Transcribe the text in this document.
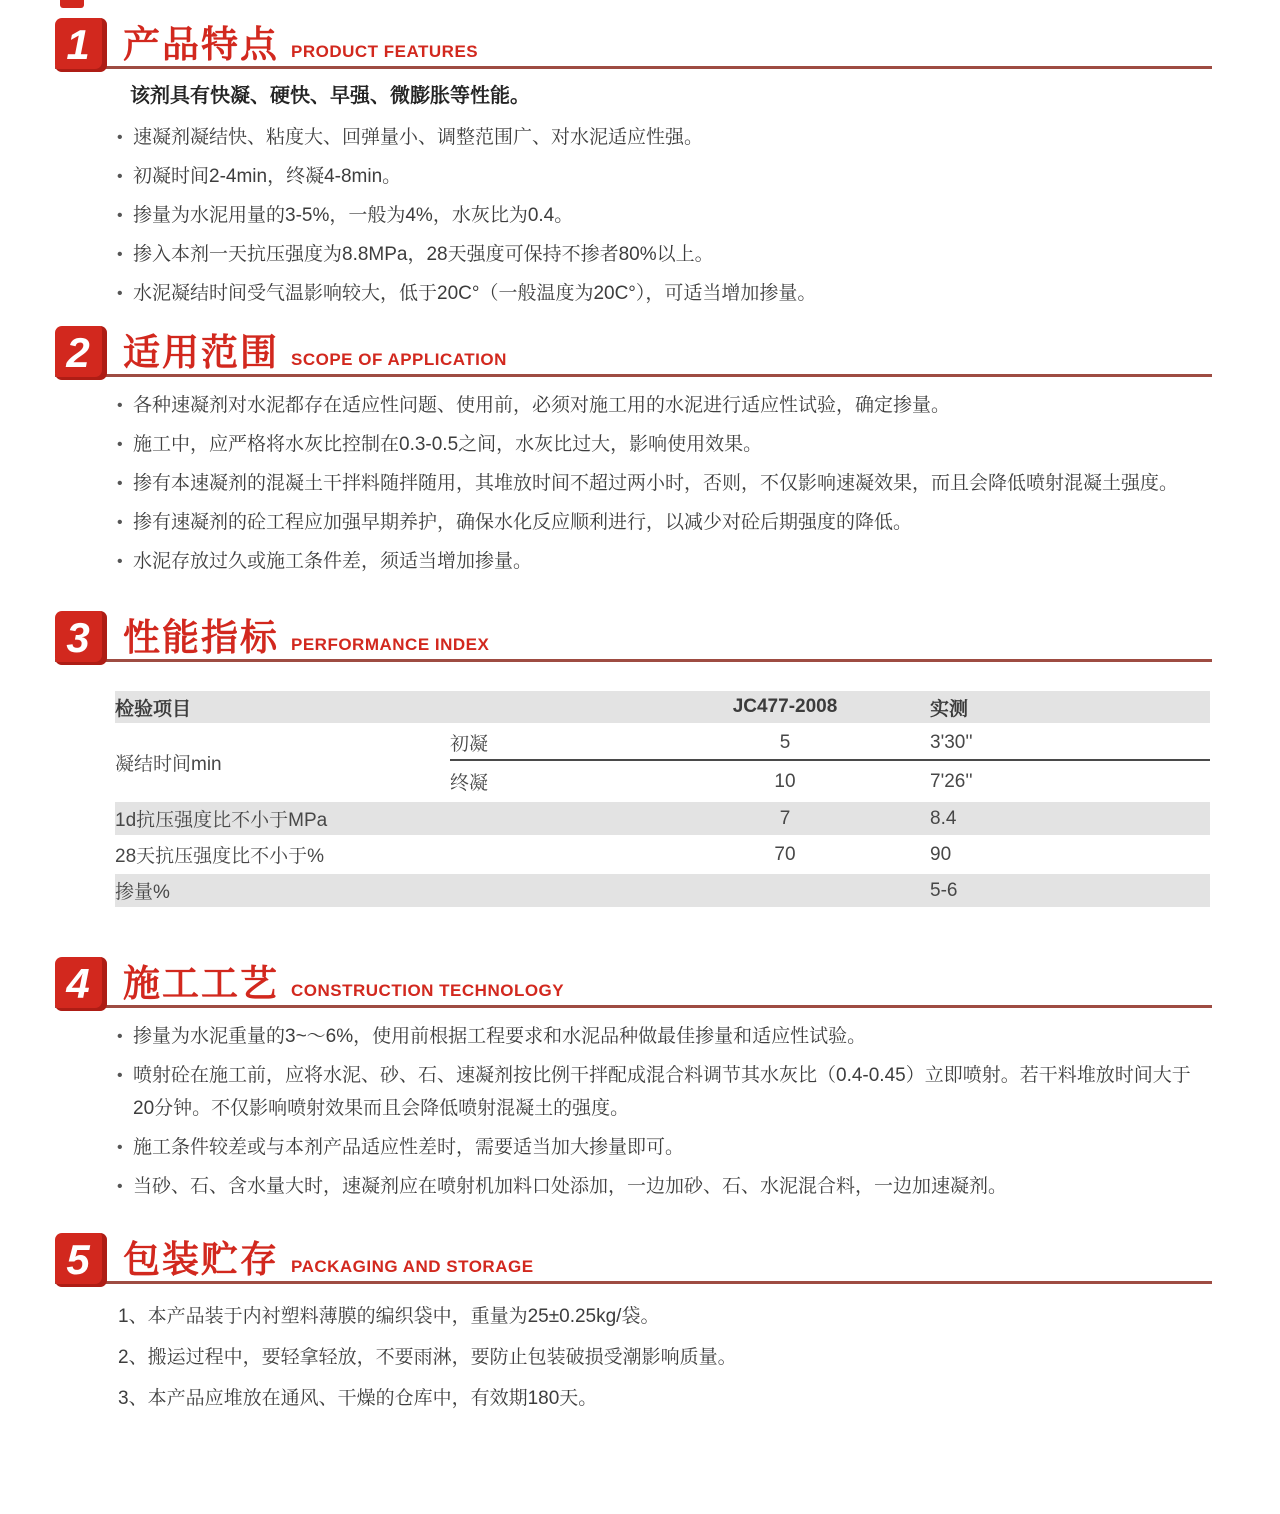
1 产品特点 PRODUCT FEATURES
该剂具有快凝、硬快、早强、微膨胀等性能。
• 速凝剂凝结快、粘度大、回弹量小、调整范围广、对水泥适应性强。
• 初凝时间2-4min，终凝4-8min。
• 掺量为水泥用量的3-5%，一般为4%，水灰比为0.4。
• 掺入本剂一天抗压强度为8.8MPa，28天强度可保持不掺者80%以上。
• 水泥凝结时间受气温影响较大，低于20C°（一般温度为20C°），可适当增加掺量。
2 适用范围 SCOPE OF APPLICATION
• 各种速凝剂对水泥都存在适应性问题、使用前，必须对施工用的水泥进行适应性试验，确定掺量。
• 施工中，应严格将水灰比控制在0.3-0.5之间，水灰比过大，影响使用效果。
• 掺有本速凝剂的混凝土干拌料随拌随用，其堆放时间不超过两小时，否则，不仅影响速凝效果，而且会降低喷射混凝土强度。
• 掺有速凝剂的砼工程应加强早期养护，确保水化反应顺利进行，以减少对砼后期强度的降低。
• 水泥存放过久或施工条件差，须适当增加掺量。
3 性能指标 PERFORMANCE INDEX
检验项目		JC477-2008	实测
凝结时间min	初凝	5	3'30''
	终凝	10	7'26''
1d抗压强度比不小于MPa		7	8.4
28天抗压强度比不小于%		70	90
掺量%			5-6
4 施工工艺 CONSTRUCTION TECHNOLOGY
• 掺量为水泥重量的3~～6%，使用前根据工程要求和水泥品种做最佳掺量和适应性试验。
• 喷射砼在施工前，应将水泥、砂、石、速凝剂按比例干拌配成混合料调节其水灰比（0.4-0.45）立即喷射。若干料堆放时间大于20分钟。不仅影响喷射效果而且会降低喷射混凝土的强度。
• 施工条件较差或与本剂产品适应性差时，需要适当加大掺量即可。
• 当砂、石、含水量大时，速凝剂应在喷射机加料口处添加，一边加砂、石、水泥混合料，一边加速凝剂。
5 包装贮存 PACKAGING AND STORAGE
1、本产品装于内衬塑料薄膜的编织袋中，重量为25±0.25kg/袋。
2、搬运过程中，要轻拿轻放，不要雨淋，要防止包装破损受潮影响质量。
3、本产品应堆放在通风、干燥的仓库中，有效期180天。
